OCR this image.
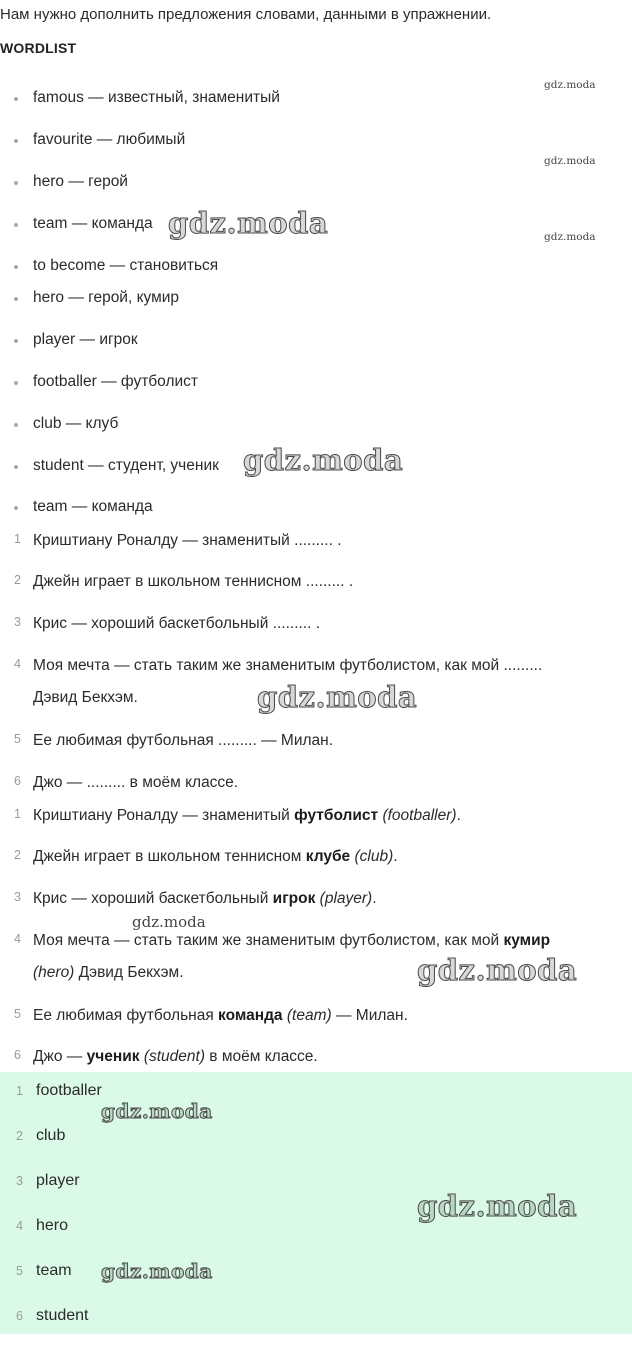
Нам нужно дополнить предложения словами, данными в упражнении.
WORDLIST
famous — известный, знаменитый
favourite — любимый
hero — герой
team — команда
to become — становиться
hero — герой, кумир
player — игрок
footballer — футболист
club — клуб
student — студент, ученик
team — команда
1 Криштиану Роналду — знаменитый ......... .
2 Джейн играет в школьном теннисном ......... .
3 Крис — хороший баскетбольный ......... .
4 Моя мечта — стать таким же знаменитым футболистом, как мой .........
Дэвид Бекхэм.
5 Ее любимая футбольная ......... — Милан.
6 Джо — ......... в моём классе.
1 Криштиану Роналду — знаменитый футболист (footballer).
2 Джейн играет в школьном теннисном клубе (club).
3 Крис — хороший баскетбольный игрок (player).
4 Моя мечта — стать таким же знаменитым футболистом, как мой кумир
(hero) Дэвид Бекхэм.
5 Ее любимая футбольная команда (team) — Милан.
6 Джо — ученик (student) в моём классе.
1 footballer
2 club
3 player
4 hero
5 team
6 student
gdz.moda
gdz.moda
gdz.moda
gdz.moda
gdz.moda
gdz.moda
gdz.moda
gdz.moda
gdz.moda
gdz.moda
gdz.moda
